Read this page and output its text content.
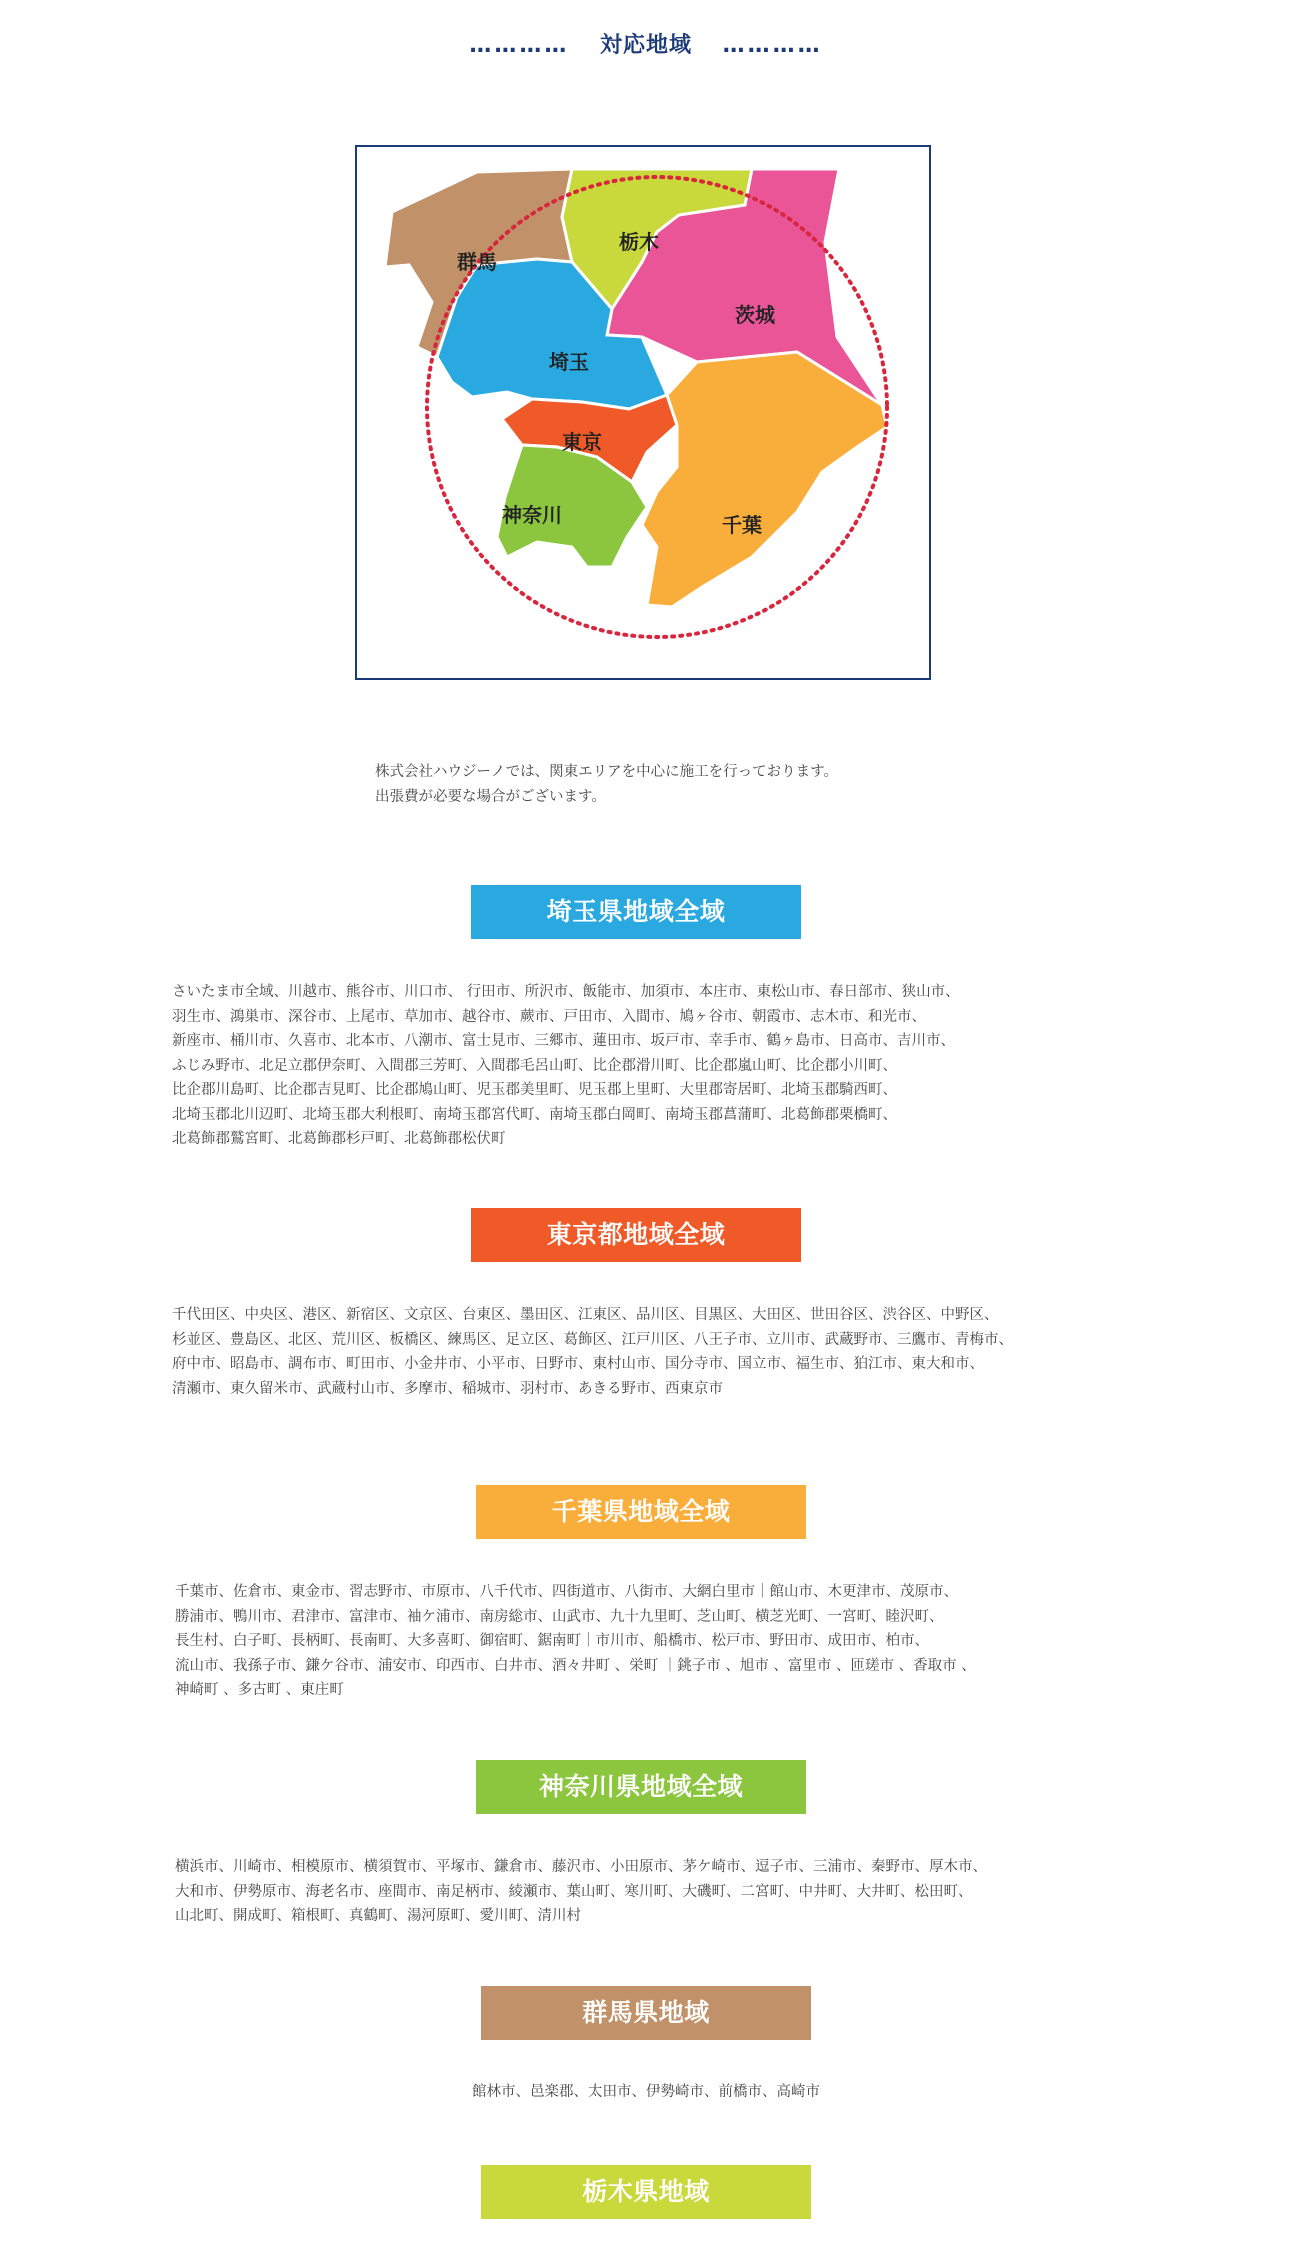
………… 対応地域 …………
群馬
栃木
茨城
埼玉
東京
神奈川	千葉
株式会社ハウジーノでは、関東エリアを中心に施工を行っております。
出張費が必要な場合がございます。
埼玉県地域全域
さいたま市全域、川越市、熊谷市、川口市、 行田市、所沢市、飯能市、加須市、本庄市、東松山市、春日部市、狭山市、
羽生市、鴻巣市、深谷市、上尾市、草加市、越谷市、蕨市、戸田市、入間市、鳩ヶ谷市、朝霞市、志木市、和光市、
新座市、桶川市、久喜市、北本市、八潮市、富士見市、三郷市、蓮田市、坂戸市、幸手市、鶴ヶ島市、日高市、吉川市、
ふじみ野市、北足立郡伊奈町、入間郡三芳町、入間郡毛呂山町、比企郡滑川町、比企郡嵐山町、比企郡小川町、
比企郡川島町、比企郡吉見町、比企郡鳩山町、児玉郡美里町、児玉郡上里町、大里郡寄居町、北埼玉郡騎西町、
北埼玉郡北川辺町、北埼玉郡大利根町、南埼玉郡宮代町、南埼玉郡白岡町、南埼玉郡菖蒲町、北葛飾郡栗橋町、
北葛飾郡鷲宮町、北葛飾郡杉戸町、北葛飾郡松伏町
東京都地域全域
千代田区、中央区、港区、新宿区、文京区、台東区、墨田区、江東区、品川区、目黒区、大田区、世田谷区、渋谷区、中野区、
杉並区、豊島区、北区、荒川区、板橋区、練馬区、足立区、葛飾区、江戸川区、八王子市、立川市、武蔵野市、三鷹市、青梅市、
府中市、昭島市、調布市、町田市、小金井市、小平市、日野市、東村山市、国分寺市、国立市、福生市、狛江市、東大和市、
清瀬市、東久留米市、武蔵村山市、多摩市、稲城市、羽村市、あきる野市、西東京市
千葉県地域全域
千葉市、佐倉市、東金市、習志野市、市原市、八千代市、四街道市、八街市、大網白里市｜館山市、木更津市、茂原市、
勝浦市、鴨川市、君津市、富津市、袖ケ浦市、南房総市、山武市、九十九里町、芝山町、横芝光町、一宮町、睦沢町、
長生村、白子町、長柄町、長南町、大多喜町、御宿町、鋸南町｜市川市、船橋市、松戸市、野田市、成田市、柏市、
流山市、我孫子市、鎌ケ谷市、浦安市、印西市、白井市、酒々井町 、栄町 ｜銚子市 、旭市 、富里市 、匝瑳市 、香取市 、
神崎町 、多古町 、東庄町
神奈川県地域全域
横浜市、川崎市、相模原市、横須賀市、平塚市、鎌倉市、藤沢市、小田原市、茅ケ崎市、逗子市、三浦市、秦野市、厚木市、
大和市、伊勢原市、海老名市、座間市、南足柄市、綾瀬市、葉山町、寒川町、大磯町、二宮町、中井町、大井町、松田町、
山北町、開成町、箱根町、真鶴町、湯河原町、愛川町、清川村
群馬県地域
館林市、邑楽郡、太田市、伊勢崎市、前橋市、高崎市
栃木県地域
